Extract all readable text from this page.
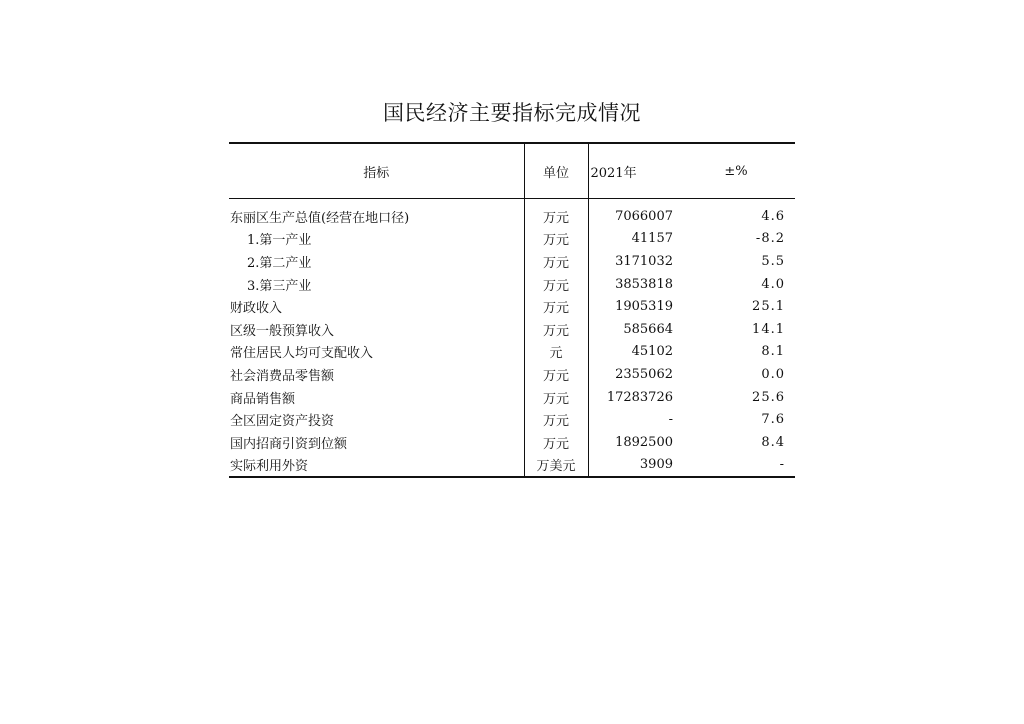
国民经济主要指标完成情况
指标	单位	2021年	±%
东丽区生产总值(经营在地口径)	万元	7066007	4.6
1.第一产业	万元	41157	-8.2
2.第二产业	万元	3171032	5.5
3.第三产业	万元	3853818	4.0
财政收入	万元	1905319	25.1
区级一般预算收入	万元	585664	14.1
常住居民人均可支配收入	元	45102	8.1
社会消费品零售额	万元	2355062	0.0
商品销售额	万元	17283726	25.6
全区固定资产投资	万元	-	7.6
国内招商引资到位额	万元	1892500	8.4
实际利用外资	万美元	3909	-
